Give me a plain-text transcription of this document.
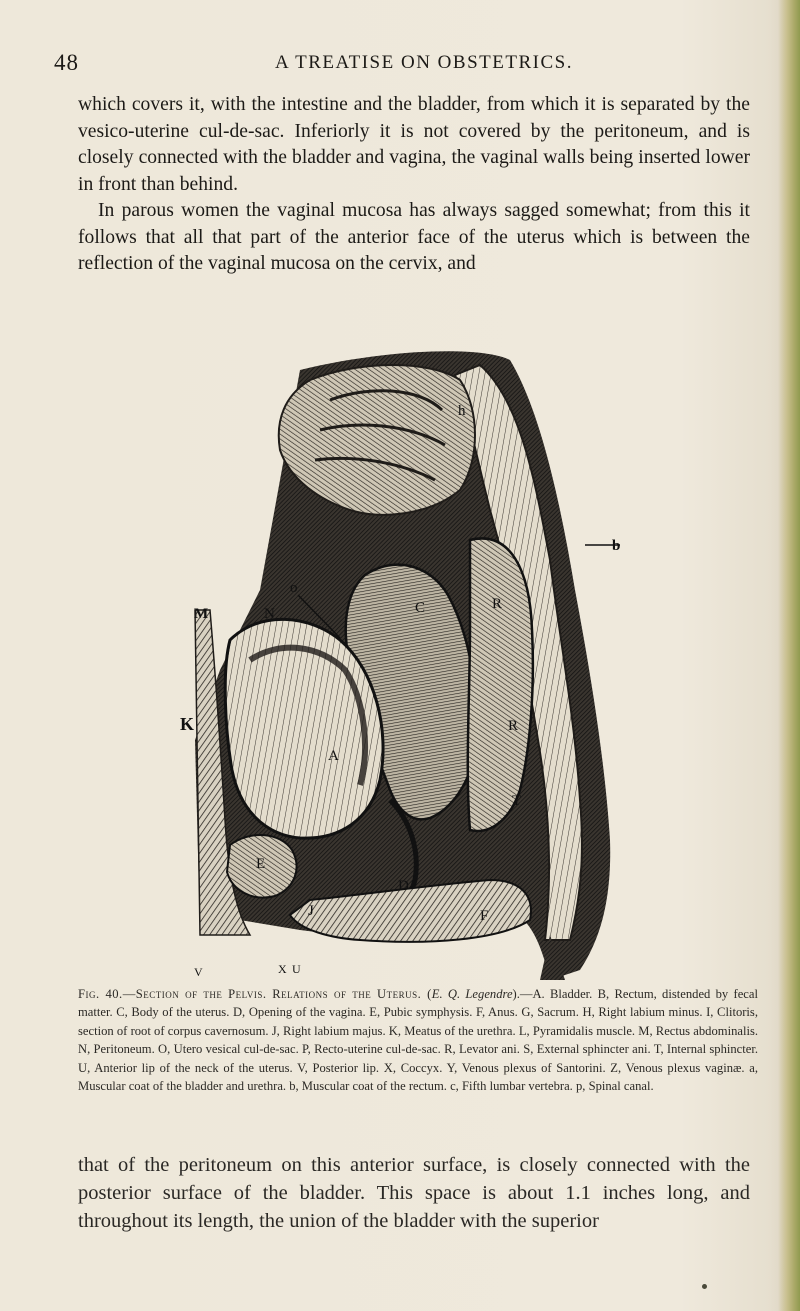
48	A TREATISE ON OBSTETRICS.

which covers it, with the intestine and the bladder, from which it is separated by the vesico-uterine cul-de-sac. Inferiorly it is not covered by the peritoneum, and is closely connected with the bladder and vagina, the vaginal walls being inserted lower in front than behind.

In parous women the vaginal mucosa has always sagged somewhat; from this it follows that all that part of the anterior face of the uterus which is between the reflection of the vaginal mucosa on the cervix, and

h
b
o
M	N	C
K
R
A
R
E
T
D
J	F
X
V	U
Fig. 40.—Section of the Pelvis. Relations of the Uterus. (E. Q. Legendre).—A. Bladder. B, Rectum, distended by fecal matter. C, Body of the uterus. D, Opening of the vagina. E, Pubic symphysis. F, Anus. G, Sacrum. H, Right labium minus. I, Clitoris, section of root of corpus cavernosum. J, Right labium majus. K, Meatus of the urethra. L, Pyramidalis muscle. M, Rectus abdominalis. N, Peritoneum. O, Utero vesical cul-de-sac. P, Recto-uterine cul-de-sac. R, Levator ani. S, External sphincter ani. T, Internal sphincter. U, Anterior lip of the neck of the uterus. V, Posterior lip. X, Coccyx. Y, Venous plexus of Santorini. Z, Venous plexus vaginæ. a, Muscular coat of the bladder and urethra. b, Muscular coat of the rectum. c, Fifth lumbar vertebra. p, Spinal canal.

that of the peritoneum on this anterior surface, is closely connected with the posterior surface of the bladder. This space is about 1.1 inches long, and throughout its length, the union of the bladder with the superior
